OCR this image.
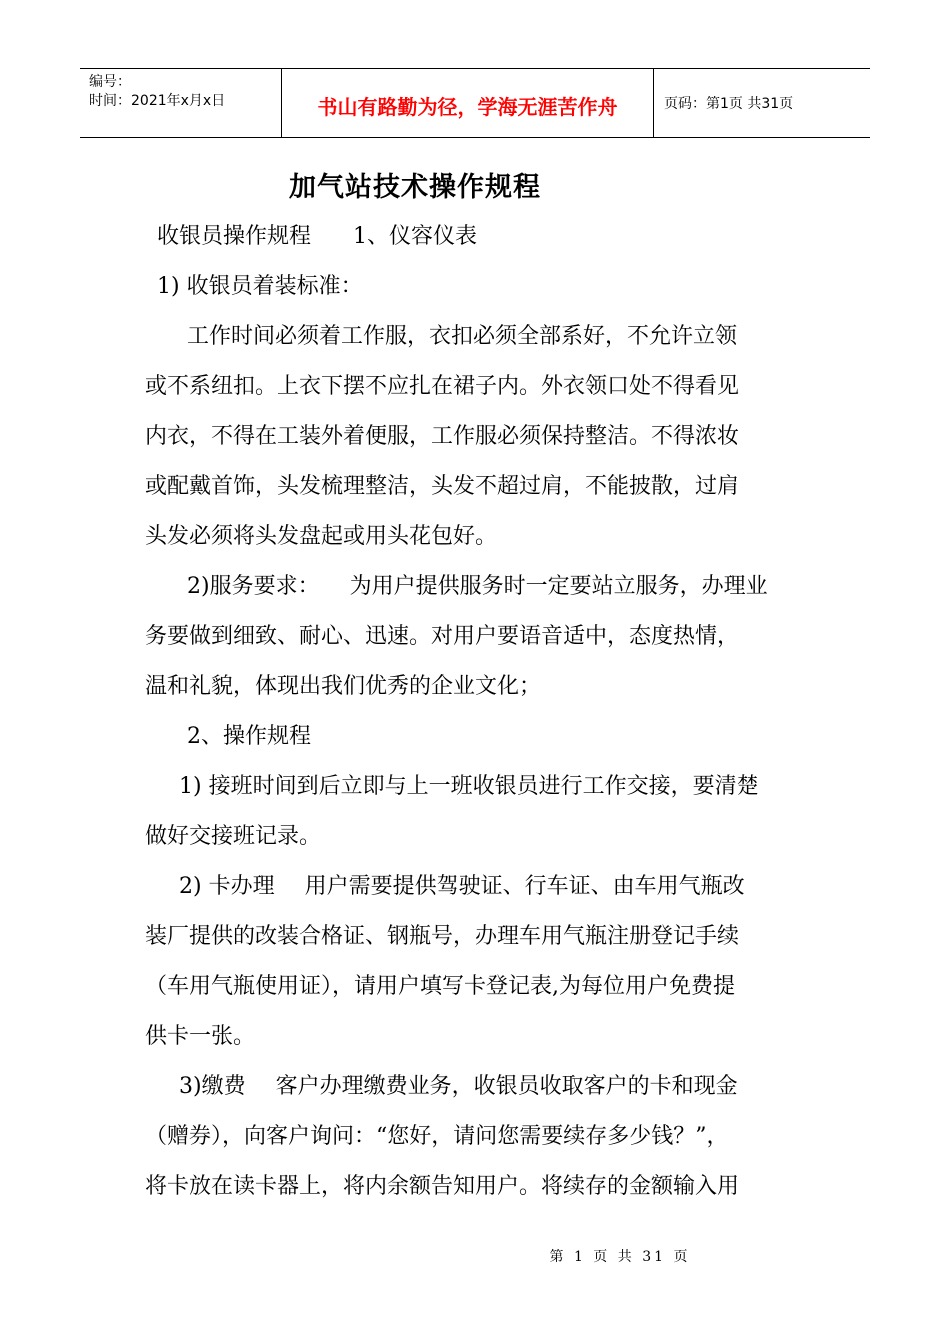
编号：
时间：2021年x月x日	书山有路勤为径，学海无涯苦作舟	页码：第1页 共31页
加气站技术操作规程

收银员操作规程 1、仪容仪表

1) 收银员着装标准：

工作时间必须着工作服，衣扣必须全部系好，不允许立领

或不系纽扣。上衣下摆不应扎在裙子内。外衣领口处不得看见

内衣，不得在工装外着便服，工作服必须保持整洁。不得浓妆

或配戴首饰，头发梳理整洁，头发不超过肩，不能披散，过肩

头发必须将头发盘起或用头花包好。

2)服务要求： 为用户提供服务时一定要站立服务，办理业

务要做到细致、耐心、迅速。对用户要语音适中，态度热情，

温和礼貌，体现出我们优秀的企业文化；

2、操作规程

1) 接班时间到后立即与上一班收银员进行工作交接，要清楚

做好交接班记录。

2) 卡办理 用户需要提供驾驶证、行车证、由车用气瓶改

装厂提供的改装合格证、钢瓶号，办理车用气瓶注册登记手续

（车用气瓶使用证），请用户填写卡登记表,为每位用户免费提

供卡一张。

3)缴费 客户办理缴费业务，收银员收取客户的卡和现金

（赠券），向客户询问：“您好，请问您需要续存多少钱？”，

将卡放在读卡器上，将内余额告知用户。将续存的金额输入用

第 1 页 共 31 页
